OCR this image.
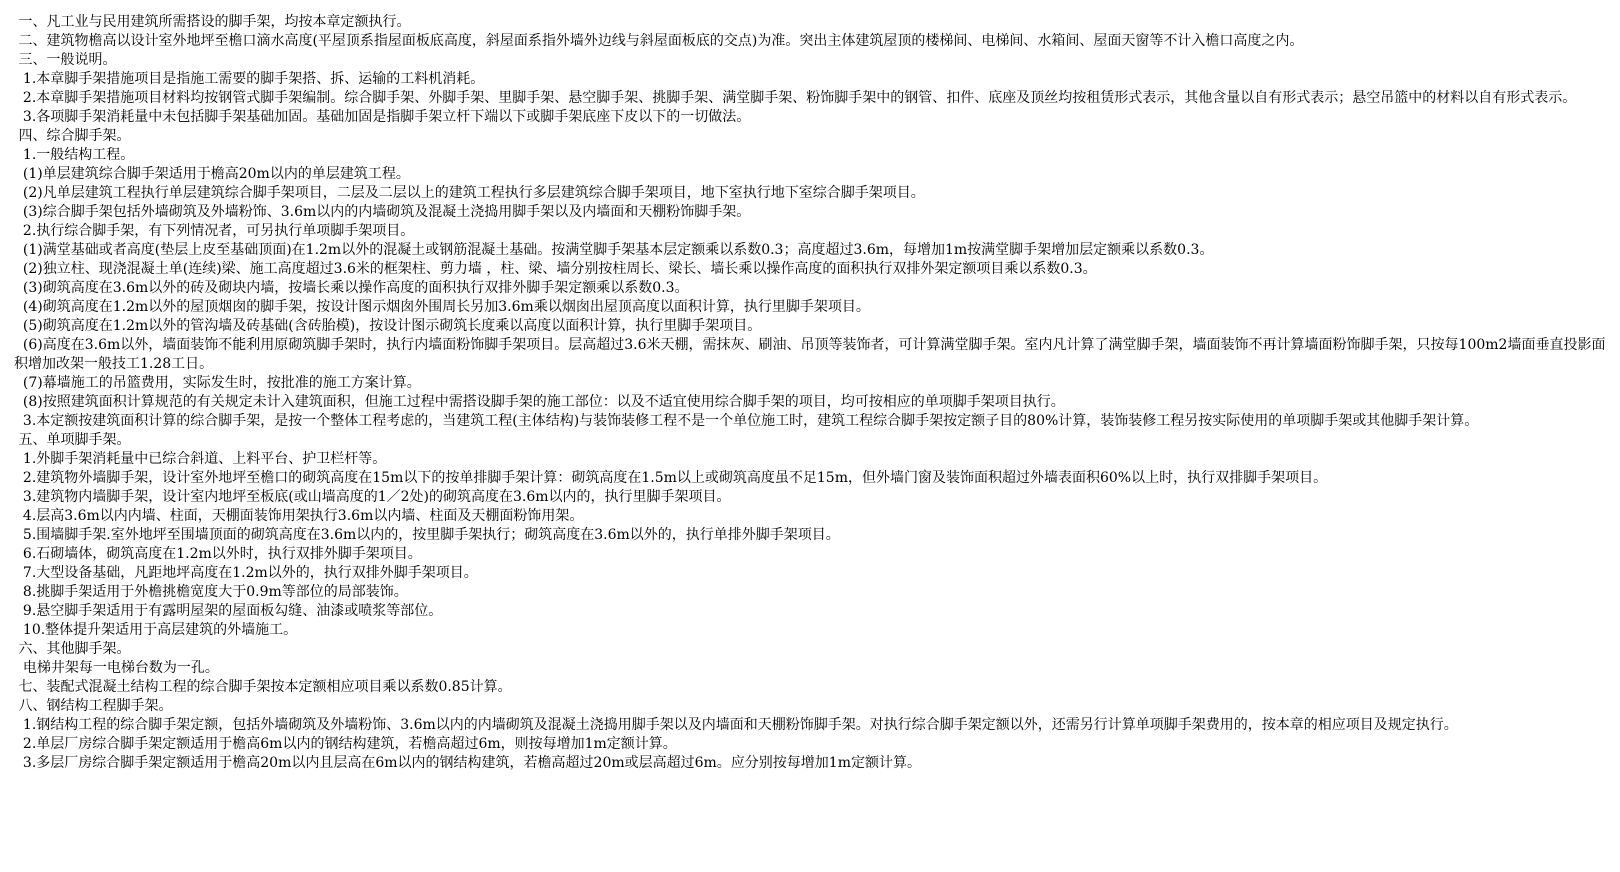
一、凡工业与民用建筑所需搭设的脚手架，均按本章定额执行。

二、建筑物檐高以设计室外地坪至檐口滴水高度(平屋顶系指屋面板底高度，斜屋面系指外墙外边线与斜屋面板底的交点)为准。突出主体建筑屋顶的楼梯间、电梯间、水箱间、屋面天窗等不计入檐口高度之内。

三、一般说明。

1.本章脚手架措施项目是指施工需要的脚手架搭、拆、运输的工料机消耗。

2.本章脚手架措施项目材料均按钢管式脚手架编制。综合脚手架、外脚手架、里脚手架、悬空脚手架、挑脚手架、满堂脚手架、粉饰脚手架中的钢管、扣件、底座及顶丝均按租赁形式表示，其他含量以自有形式表示；悬空吊篮中的材料以自有形式表示。

3.各项脚手架消耗量中未包括脚手架基础加固。基础加固是指脚手架立杆下端以下或脚手架底座下皮以下的一切做法。

四、综合脚手架。

1.一般结构工程。

(1)单层建筑综合脚手架适用于檐高20m以内的单层建筑工程。

(2)凡单层建筑工程执行单层建筑综合脚手架项目，二层及二层以上的建筑工程执行多层建筑综合脚手架项目，地下室执行地下室综合脚手架项目。

(3)综合脚手架包括外墙砌筑及外墙粉饰、3.6m以内的内墙砌筑及混凝土浇捣用脚手架以及内墙面和天棚粉饰脚手架。

2.执行综合脚手架，有下列情况者，可另执行单项脚手架项目。

(1)满堂基础或者高度(垫层上皮至基础顶面)在1.2m以外的混凝土或钢筋混凝土基础。按满堂脚手架基本层定额乘以系数0.3；高度超过3.6m，每增加1m按满堂脚手架增加层定额乘以系数0.3。

(2)独立柱、现浇混凝土单(连续)梁、施工高度超过3.6米的框架柱、剪力墙 ，柱、梁、墙分别按柱周长、梁长、墙长乘以操作高度的面积执行双排外架定额项目乘以系数0.3。

(3)砌筑高度在3.6m以外的砖及砌块内墙，按墙长乘以操作高度的面积执行双排外脚手架定额乘以系数0.3。

(4)砌筑高度在1.2m以外的屋顶烟囱的脚手架，按设计图示烟囱外围周长另加3.6m乘以烟囱出屋顶高度以面积计算，执行里脚手架项目。

(5)砌筑高度在1.2m以外的管沟墙及砖基础(含砖胎模)，按设计图示砌筑长度乘以高度以面积计算，执行里脚手架项目。

(6)高度在3.6m以外，墙面装饰不能利用原砌筑脚手架时，执行内墙面粉饰脚手架项目。层高超过3.6米天棚，需抹灰、刷油、吊顶等装饰者，可计算满堂脚手架。室内凡计算了满堂脚手架，墙面装饰不再计算墙面粉饰脚手架，只按每100m2墙面垂直投影面积增加改架一般技工1.28工日。

(7)幕墙施工的吊篮费用，实际发生时，按批准的施工方案计算。

(8)按照建筑面积计算规范的有关规定未计入建筑面积，但施工过程中需搭设脚手架的施工部位：以及不适宜使用综合脚手架的项目，均可按相应的单项脚手架项目执行。

3.本定额按建筑面积计算的综合脚手架，是按一个整体工程考虑的，当建筑工程(主体结构)与装饰装修工程不是一个单位施工时，建筑工程综合脚手架按定额子目的80%计算，装饰装修工程另按实际使用的单项脚手架或其他脚手架计算。

五、单项脚手架。

1.外脚手架消耗量中已综合斜道、上料平台、护卫栏杆等。

2.建筑物外墙脚手架，设计室外地坪至檐口的砌筑高度在15m以下的按单排脚手架计算：砌筑高度在1.5m以上或砌筑高度虽不足15m，但外墙门窗及装饰面积超过外墙表面积60%以上时，执行双排脚手架项目。

3.建筑物内墙脚手架，设计室内地坪至板底(或山墙高度的1／2处)的砌筑高度在3.6m以内的，执行里脚手架项目。

4.层高3.6m以内内墙、柱面，天棚面装饰用架执行3.6m以内墙、柱面及天棚面粉饰用架。

5.围墙脚手架.室外地坪至围墙顶面的砌筑高度在3.6m以内的，按里脚手架执行；砌筑高度在3.6m以外的，执行单排外脚手架项目。

6.石砌墙体，砌筑高度在1.2m以外时，执行双排外脚手架项目。

7.大型设备基础，凡距地坪高度在1.2m以外的，执行双排外脚手架项目。

8.挑脚手架适用于外檐挑檐宽度大于0.9m等部位的局部装饰。

9.悬空脚手架适用于有露明屋架的屋面板勾缝、油漆或喷浆等部位。

10.整体提升架适用于高层建筑的外墙施工。

六、其他脚手架。

电梯井架每一电梯台数为一孔。

七、装配式混凝土结构工程的综合脚手架按本定额相应项目乘以系数0.85计算。

八、钢结构工程脚手架。

1.钢结构工程的综合脚手架定额，包括外墙砌筑及外墙粉饰、3.6m以内的内墙砌筑及混凝土浇捣用脚手架以及内墙面和天棚粉饰脚手架。对执行综合脚手架定额以外，还需另行计算单项脚手架费用的，按本章的相应项目及规定执行。

2.单层厂房综合脚手架定额适用于檐高6m以内的钢结构建筑，若檐高超过6m，则按每增加1m定额计算。

3.多层厂房综合脚手架定额适用于檐高20m以内且层高在6m以内的钢结构建筑，若檐高超过20m或层高超过6m。应分别按每增加1m定额计算。
